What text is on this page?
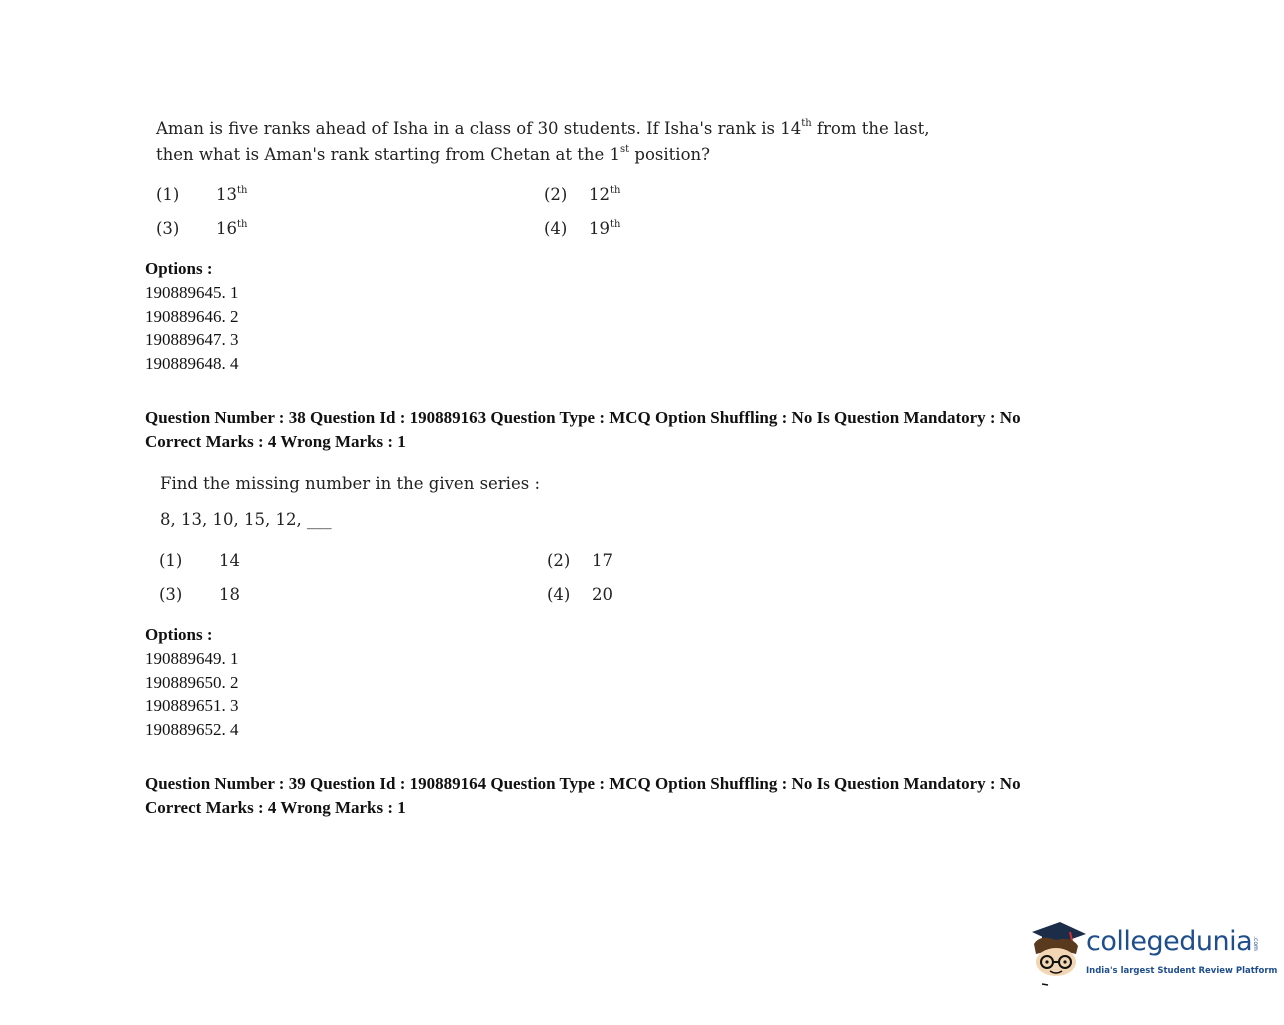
Aman is five ranks ahead of Isha in a class of 30 students. If Isha's rank is 14th from the last,
then what is Aman's rank starting from Chetan at the 1st position?
(1) 13th	(2) 12th
(3) 16th	(4) 19th
Options :
190889645. 1
190889646. 2
190889647. 3
190889648. 4
Question Number : 38 Question Id : 190889163 Question Type : MCQ Option Shuffling : No Is Question Mandatory : No
Correct Marks : 4 Wrong Marks : 1
Find the missing number in the given series :
8, 13, 10, 15, 12, ___
(1) 14	(2) 17
(3) 18	(4) 20
Options :
190889649. 1
190889650. 2
190889651. 3
190889652. 4
Question Number : 39 Question Id : 190889164 Question Type : MCQ Option Shuffling : No Is Question Mandatory : No
Correct Marks : 4 Wrong Marks : 1
collegedunia .com
India's largest Student Review Platform
